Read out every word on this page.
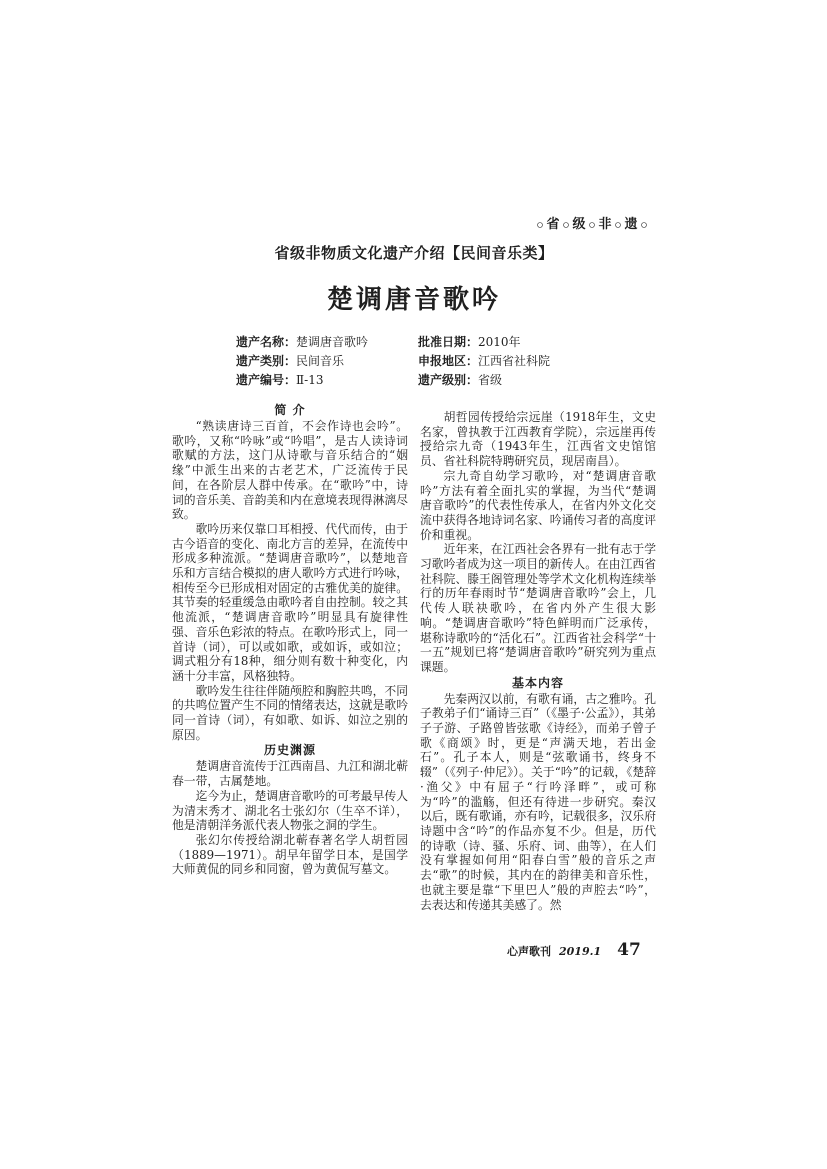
省 级 非 遗
省级非物质文化遗产介绍【民间音乐类】
楚调唐音歌吟
遗产名称：楚调唐音歌吟	批准日期：2010年
遗产类别：民间音乐	申报地区：江西省社科院
遗产编号：Ⅱ-13	遗产级别：省级
简 介

“熟读唐诗三百首，不会作诗也会吟”。歌吟，又称“吟咏”或“吟唱”，是古人读诗词歌赋的方法，这门从诗歌与音乐结合的“姻缘”中派生出来的古老艺术，广泛流传于民间，在各阶层人群中传承。在“歌吟”中，诗词的音乐美、音韵美和内在意境表现得淋漓尽致。

歌吟历来仅靠口耳相授、代代而传，由于古今语音的变化、南北方言的差异，在流传中形成多种流派。“楚调唐音歌吟”，以楚地音乐和方言结合模拟的唐人歌吟方式进行吟咏，相传至今已形成相对固定的古雅优美的旋律。其节奏的轻重缓急由歌吟者自由控制。较之其他流派，“楚调唐音歌吟”明显具有旋律性强、音乐色彩浓的特点。在歌吟形式上，同一首诗（词），可以或如歌，或如诉，或如泣；调式粗分有18种，细分则有数十种变化，内涵十分丰富，风格独特。

歌吟发生往往伴随颅腔和胸腔共鸣，不同的共鸣位置产生不同的情绪表达，这就是歌吟同一首诗（词），有如歌、如诉、如泣之别的原因。

历史渊源

楚调唐音流传于江西南昌、九江和湖北蕲春一带，古属楚地。

迄今为止，楚调唐音歌吟的可考最早传人为清末秀才、湖北名士张幻尔（生卒不详），他是清朝洋务派代表人物张之洞的学生。

张幻尔传授给湖北蕲春著名学人胡哲园（1889—1971）。胡早年留学日本，是国学大师黄侃的同乡和同窗，曾为黄侃写墓文。

胡哲园传授给宗远崖（1918年生，文史名家，曾执教于江西教育学院），宗远崖再传授给宗九奇（1943年生，江西省文史馆馆员、省社科院特聘研究员，现居南昌）。

宗九奇自幼学习歌吟，对“楚调唐音歌吟”方法有着全面扎实的掌握，为当代“楚调唐音歌吟”的代表性传承人，在省内外文化交流中获得各地诗词名家、吟诵传习者的高度评价和重视。

近年来，在江西社会各界有一批有志于学习歌吟者成为这一项目的新传人。在由江西省社科院、滕王阁管理处等学术文化机构连续举行的历年春雨时节“楚调唐音歌吟”会上，几代传人联袂歌吟，在省内外产生很大影响。“楚调唐音歌吟”特色鲜明而广泛承传，堪称诗歌吟的“活化石”。江西省社会科学“十一五”规划已将“楚调唐音歌吟”研究列为重点课题。

基本内容

先秦两汉以前，有歌有诵，古之雅吟。孔子教弟子们“诵诗三百”（《墨子·公孟》），其弟子子游、子路曾皆弦歌《诗经》，而弟子曾子歌《商颂》时，更是“声满天地，若出金石”。孔子本人，则是“弦歌诵书，终身不辍”（《列子·仲尼》）。关于“吟”的记载，《楚辞·渔父》中有屈子“行吟泽畔”，或可称为“吟”的滥觞，但还有待进一步研究。秦汉以后，既有歌诵，亦有吟，记载很多，汉乐府诗题中含“吟”的作品亦复不少。但是，历代的诗歌（诗、骚、乐府、词、曲等），在人们没有掌握如何用“阳春白雪”般的音乐之声去“歌”的时候，其内在的韵律美和音乐性，也就主要是靠“下里巴人”般的声腔去“吟”，去表达和传递其美感了。然

心声歌刊 2019.1 47
